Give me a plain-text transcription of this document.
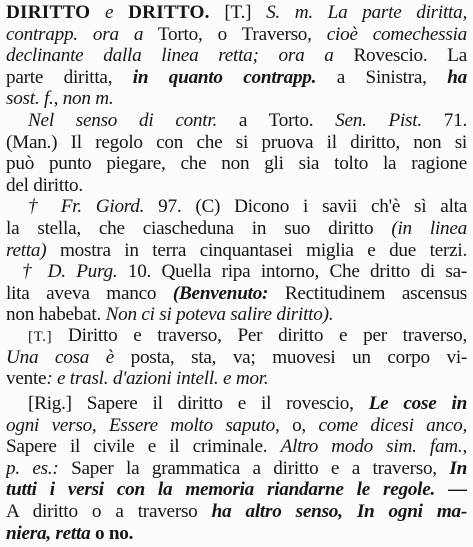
DIRITTO e DRITTO. [T.] S. m. La parte diritta,
contrapp. ora a Torto, o Traverso, cioè comechessia
declinante dalla linea retta; ora a Rovescio. La
parte diritta, in quanto contrapp. a Sinistra, ha
sost. f., non m.
Nel senso di contr. a Torto. Sen. Pist. 71.
(Man.) Il regolo con che si pruova il diritto, non si
può punto piegare, che non gli sia tolto la ragione
del diritto.
† Fr. Giord. 97. (C) Dicono i savii ch'è sì alta
la stella, che ciascheduna in suo diritto (in linea
retta) mostra in terra cinquantasei miglia e due terzi.
† D. Purg. 10. Quella ripa intorno, Che dritto di sa-
lita aveva manco (Benvenuto: Rectitudinem ascensus
non habebat. Non ci si poteva salire diritto).
[T.] Diritto e traverso, Per diritto e per traverso,
Una cosa è posta, sta, va; muovesi un corpo vi-
vente: e trasl. d'azioni intell. e mor.
[Rig.] Sapere il diritto e il rovescio, Le cose in
ogni verso, Essere molto saputo, o, come dicesi anco,
Sapere il civile e il criminale. Altro modo sim. fam.,
p. es.: Saper la grammatica a diritto e a traverso, In
tutti i versi con la memoria riandarne le regole. —
A diritto o a traverso ha altro senso, In ogni ma-
niera, retta o no.
